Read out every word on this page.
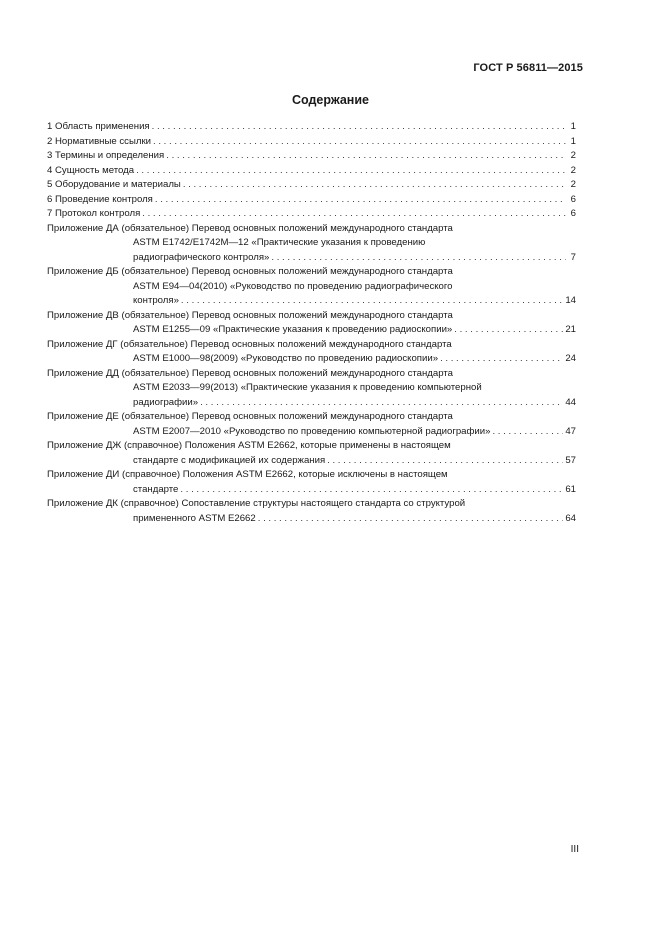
ГОСТ Р 56811—2015
Содержание
1 Область применения . . .	1
2 Нормативные ссылки . . .	1
3 Термины и определения . . .	2
4 Сущность метода . . .	2
5 Оборудование и материалы . . .	2
6 Проведение контроля . . .	6
7 Протокол контроля . . .	6
Приложение ДА (обязательное) Перевод основных положений международного стандарта
ASTM E1742/E1742M—12 «Практические указания к проведению
радиографического контроля» . . .	7
Приложение ДБ (обязательное) Перевод основных положений международного стандарта
ASTM E94—04(2010) «Руководство по проведению радиографического
контроля» . . .	14
Приложение ДВ (обязательное) Перевод основных положений международного стандарта
ASTM E1255—09 «Практические указания к проведению радиоскопии» . . .	21
Приложение ДГ (обязательное) Перевод основных положений международного стандарта
ASTM E1000—98(2009) «Руководство по проведению радиоскопии» . . .	24
Приложение ДД (обязательное) Перевод основных положений международного стандарта
ASTM E2033—99(2013) «Практические указания к проведению компьютерной
радиографии» . . .	44
Приложение ДЕ (обязательное) Перевод основных положений международного стандарта
ASTM E2007—2010 «Руководство по проведению компьютерной радиографии» . . .	47
Приложение ДЖ (справочное) Положения ASTM E2662, которые применены в настоящем
стандарте с модификацией их содержания . . .	57
Приложение ДИ (справочное) Положения ASTM E2662, которые исключены в настоящем
стандарте . . .	61
Приложение ДК (справочное) Сопоставление структуры настоящего стандарта со структурой
примененного ASTM E2662 . . .	64
III
